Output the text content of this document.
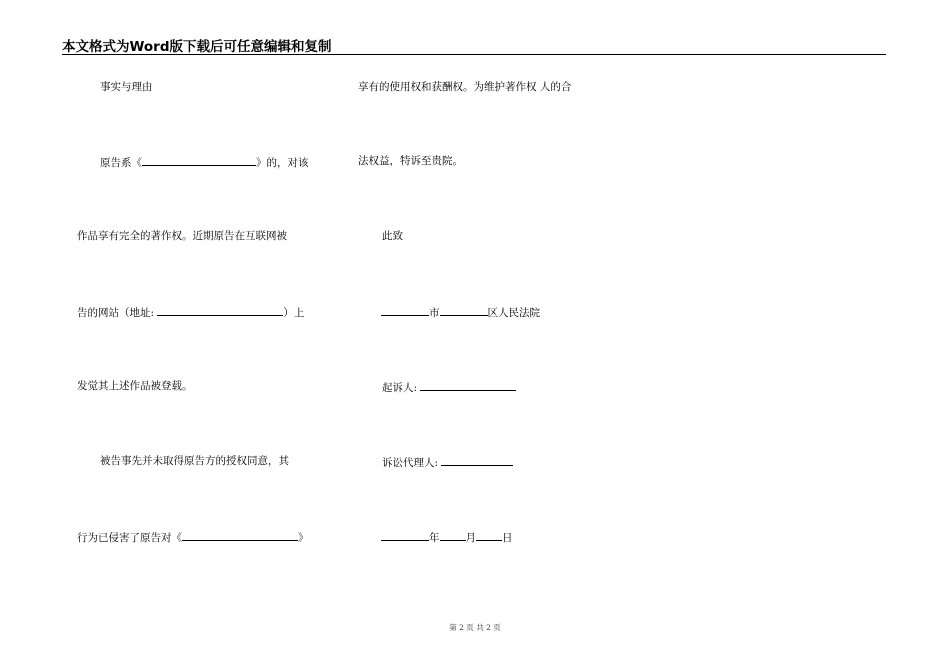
本文格式为Word版下载后可任意编辑和复制
事实与理由
原告系《	》的，对该
作品享有完全的著作权。近期原告在互联网被
告的网站（地址:	）上
发觉其上述作品被登载。
被告事先并未取得原告方的授权同意，其
行为已侵害了原告对《	》
享有的使用权和获酬权。为维护著作权 人的合
法权益，特诉至贵院。
此致
市	区人民法院
起诉人:
诉讼代理人:
年 月 日
第 2 页 共 2 页
